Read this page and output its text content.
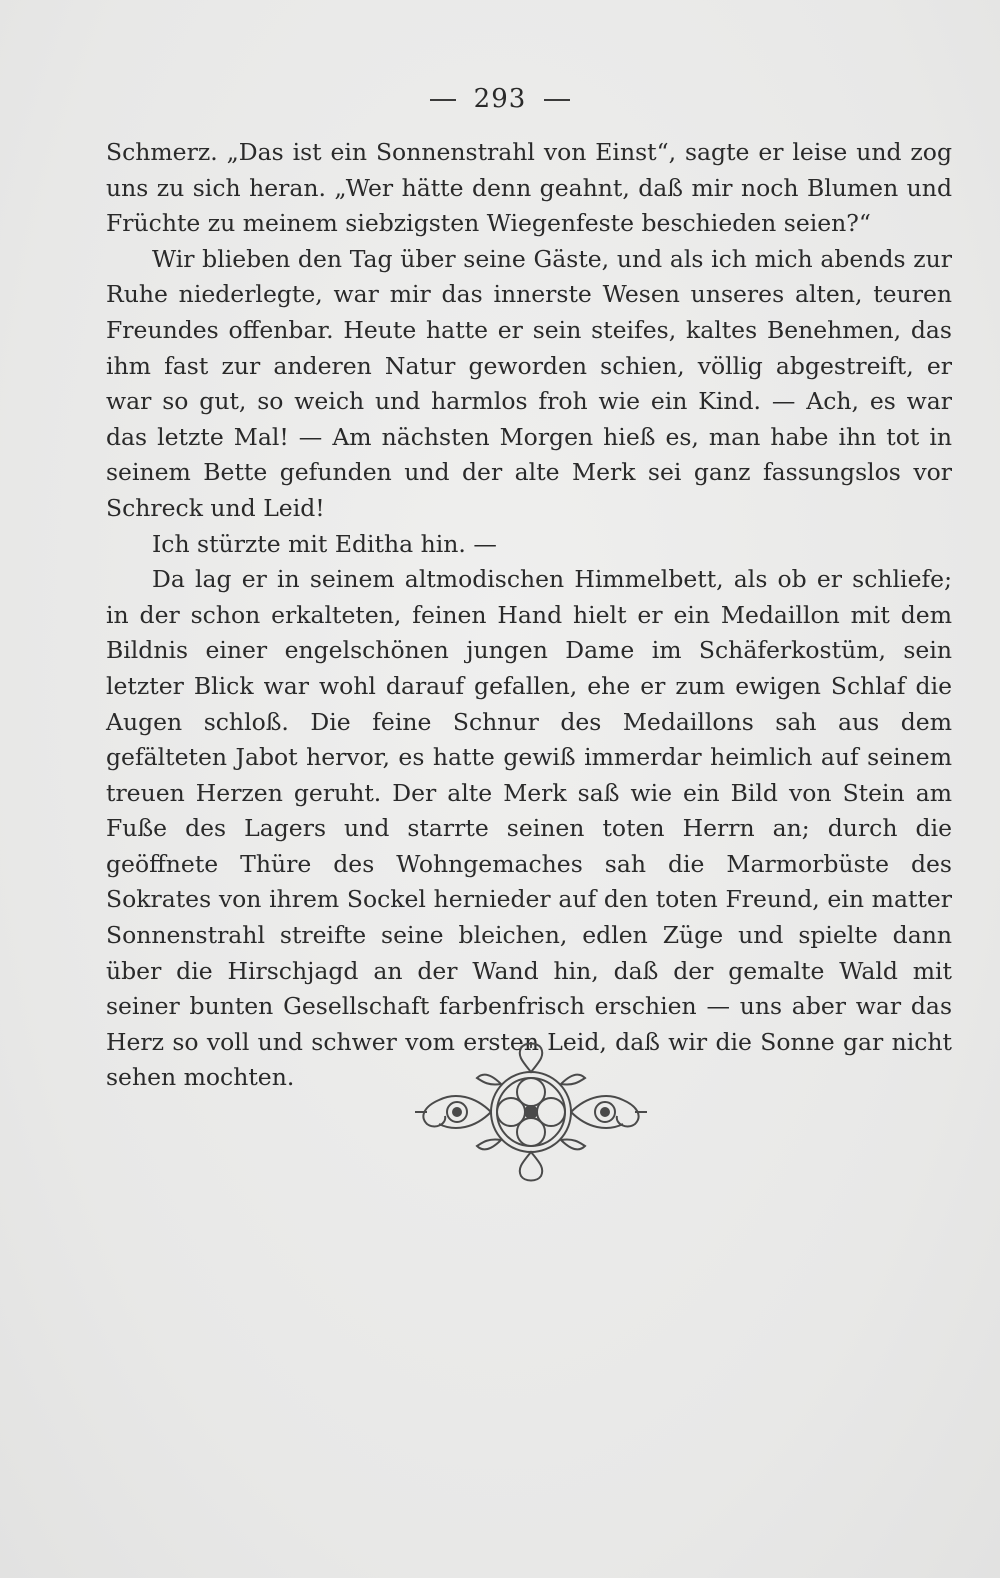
293

Schmerz. „Das ist ein Sonnenstrahl von Einst“, sagte er leise und zog uns zu sich heran. „Wer hätte denn geahnt, daß mir noch Blumen und Früchte zu meinem siebzigsten Wiegenfeste beschieden seien?“

Wir blieben den Tag über seine Gäste, und als ich mich abends zur Ruhe niederlegte, war mir das innerste Wesen unseres alten, teuren Freundes offenbar. Heute hatte er sein steifes, kaltes Benehmen, das ihm fast zur anderen Natur geworden schien, völlig abgestreift, er war so gut, so weich und harmlos froh wie ein Kind. — Ach, es war das letzte Mal! — Am nächsten Morgen hieß es, man habe ihn tot in seinem Bette gefunden und der alte Merk sei ganz fassungslos vor Schreck und Leid!

Ich stürzte mit Editha hin. —

Da lag er in seinem altmodischen Himmelbett, als ob er schliefe; in der schon erkalteten, feinen Hand hielt er ein Medaillon mit dem Bildnis einer engelschönen jungen Dame im Schäferkostüm, sein letzter Blick war wohl darauf gefallen, ehe er zum ewigen Schlaf die Augen schloß. Die feine Schnur des Medaillons sah aus dem gefälteten Jabot hervor, es hatte gewiß immerdar heimlich auf seinem treuen Herzen geruht. Der alte Merk saß wie ein Bild von Stein am Fuße des Lagers und starrte seinen toten Herrn an; durch die geöffnete Thüre des Wohngemaches sah die Marmorbüste des Sokrates von ihrem Sockel hernieder auf den toten Freund, ein matter Sonnenstrahl streifte seine bleichen, edlen Züge und spielte dann über die Hirschjagd an der Wand hin, daß der gemalte Wald mit seiner bunten Gesellschaft farbenfrisch erschien — uns aber war das Herz so voll und schwer vom ersten Leid, daß wir die Sonne gar nicht sehen mochten.
